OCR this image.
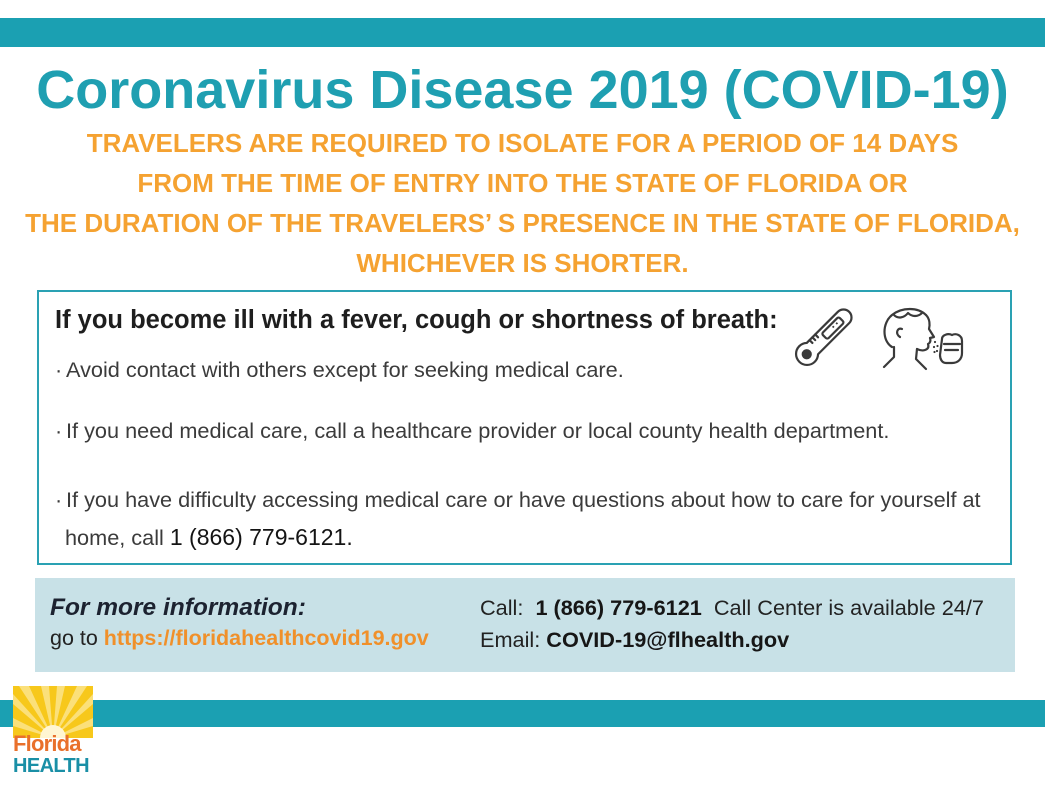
Coronavirus Disease 2019 (COVID-19)
TRAVELERS ARE REQUIRED TO ISOLATE FOR A PERIOD OF 14 DAYS
FROM THE TIME OF ENTRY INTO THE STATE OF FLORIDA OR
THE DURATION OF THE TRAVELERS’ S PRESENCE IN THE STATE OF FLORIDA,
WHICHEVER IS SHORTER.
If you become ill with a fever, cough or shortness of breath:
· Avoid contact with others except for seeking medical care.
· If you need medical care, call a healthcare provider or local county health department.
· If you have difficulty accessing medical care or have questions about how to care for yourself at
home, call 1 (866) 779-6121.
For more information:
go to https://floridahealthcovid19.gov
Call:  1 (866) 779-6121  Call Center is available 24/7
Email: COVID-19@flhealth.gov
Florida
HEALTH
